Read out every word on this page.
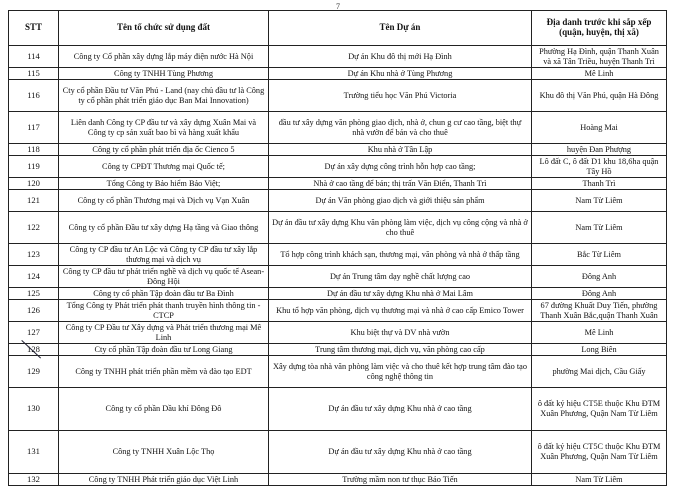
7
STT	Tên tổ chức sử dụng đất	Tên Dự án	Địa danh trước khi sắp xếp (quận, huyện, thị xã)
114	Công ty Cổ phần xây dựng lắp máy điện nước Hà Nội	Dự án Khu đô thị mới Hạ Đình	Phường Hạ Đình, quận Thanh Xuân và xã Tân Triều, huyện Thanh Trì
115	Công ty TNHH Tùng Phương	Dự án Khu nhà ở Tùng Phương	Mê Linh
116	Cty cổ phần Đầu tư Văn Phú - Land (nay chủ đầu tư là Công ty cổ phần phát triển giáo dục Ban Mai Innovation)	Trường tiểu học Văn Phú Victoria	Khu đô thị Văn Phú, quận Hà Đông
117	Liên danh Công ty CP đầu tư và xây dựng Xuân Mai và Công ty cp sản xuất bao bì và hàng xuất khẩu	đầu tư xây dựng văn phòng giao dịch, nhà ở, chun g cư cao tầng, biệt thự nhà vườn để bán và cho thuê	Hoàng Mai
118	Công ty cổ phần phát triển địa ốc Cienco 5	Khu nhà ở Tân Lập	huyện Đan Phượng
119	Công ty CPĐT Thương mại Quốc tế;	Dự án xây dựng công trình hỗn hợp cao tầng;	Lô đất C, ô đất D1 khu 18,6ha quận Tây Hồ
120	Tổng Công ty Bảo hiểm Bảo Việt;	Nhà ở cao tầng để bán; thị trấn Văn Điển, Thanh Trì	Thanh Trì
121	Công ty cổ phần Thương mại và Dịch vụ Vạn Xuân	Dự án Văn phòng giao dịch và giới thiệu sản phẩm	Nam Từ Liêm
122	Công ty cổ phần Đầu tư xây dựng Hạ tầng và Giao thông	Dự án đầu tư xây dựng Khu văn phòng làm việc, dịch vụ công cộng và nhà ở cho thuê	Nam Từ Liêm
123	Công ty CP đầu tư An Lộc và Công ty CP đầu tư xây lắp thương mại và dịch vụ	Tổ hợp công trình khách sạn, thương mại, văn phòng và nhà ở thấp tầng	Bắc Từ Liêm
124	Công ty CP đầu tư phát triển nghề và dịch vụ quốc tế Asean-Đông Hội	Dự án Trung tâm dạy nghề chất lượng cao	Đông Anh
125	Công ty cổ phần Tập đoàn đầu tư Ba Đình	Dự án đầu tư xây dựng Khu nhà ở Mai Lâm	Đông Anh
126	Tổng Công ty Phát triển phát thanh truyền hình thông tin - CTCP	Khu tổ hợp văn phòng, dịch vụ thương mại và nhà ở cao cấp Emico Tower	67 đường Khuất Duy Tiến, phường Thanh Xuân Bắc,quận Thanh Xuân
127	Công ty CP Đầu tư Xây dựng và Phát triển thương mại Mê Linh	Khu biệt thự và DV nhà vườn	Mê Linh
128	Cty cổ phần Tập đoàn đầu tư Long Giang	Trung tâm thương mại, dịch vụ, văn phòng cao cấp	Long Biên
129	Công ty TNHH phát triển phần mềm và đào tạo EDT	Xây dựng tòa nhà văn phòng làm việc và cho thuê kết hợp trung tâm đào tạo công nghệ thông tin	phường Mai dịch, Cầu Giấy
130	Công ty cổ phần Dầu khí Đông Đô	Dự án đầu tư xây dựng Khu nhà ở cao tầng	ô đất ký hiệu CT5E thuộc Khu ĐTM Xuân Phương, Quận Nam Từ Liêm
131	Công ty TNHH Xuân Lộc Thọ	Dự án đầu tư xây dựng Khu nhà ở cao tầng	ô đất ký hiệu CT5C thuộc Khu ĐTM Xuân Phương, Quận Nam Từ Liêm
132	Công ty TNHH Phát triển giáo dục Việt Linh	Trường mầm non tư thục Bảo Tiến	Nam Từ Liêm
